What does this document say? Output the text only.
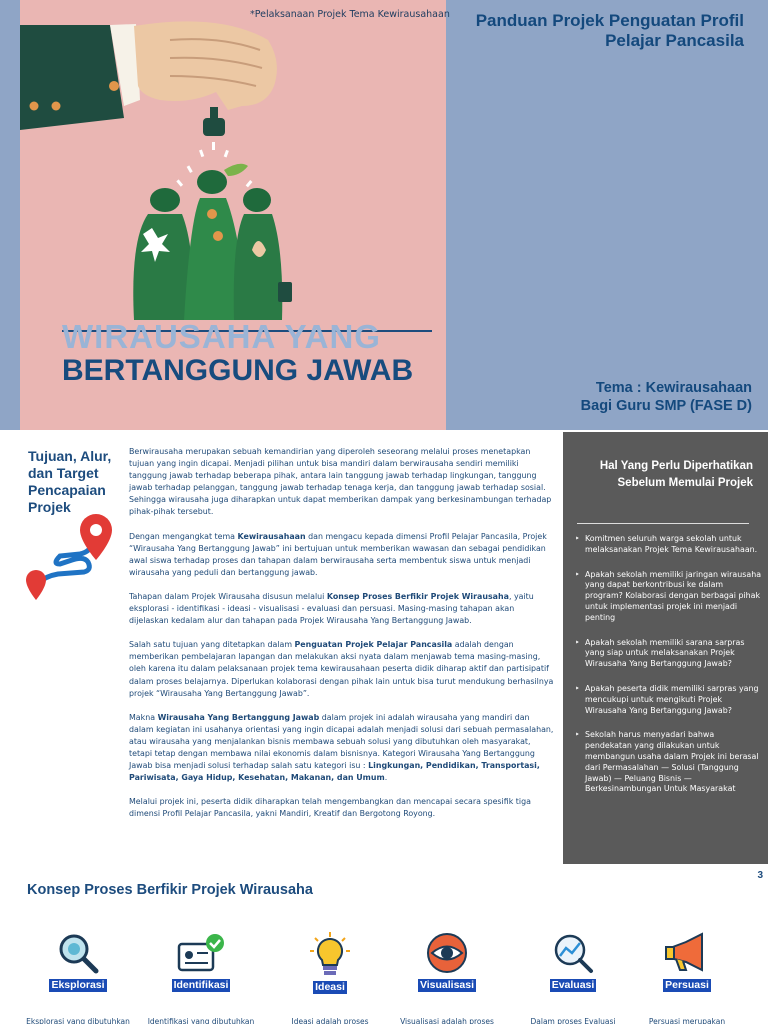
*Pelaksanaan Projek Tema Kewirausahaan
WIRAUSAHA YANG
BERTANGGUNG JAWAB
Panduan Projek Penguatan Profil Pelajar Pancasila
Tema : Kewirausahaan
Bagi Guru SMP (FASE D)
Tujuan, Alur, dan Target Pencapaian Projek

Berwirausaha merupakan sebuah kemandirian yang diperoleh seseorang melalui proses menetapkan tujuan yang ingin dicapai. Menjadi pilihan untuk bisa mandiri dalam berwirausaha sendiri memiliki tanggung jawab terhadap beberapa pihak, antara lain tanggung jawab terhadap lingkungan, tanggung jawab terhadap pelanggan, tanggung jawab terhadap tenaga kerja, dan tanggung jawab terhadap sosial. Sehingga wirausaha juga diharapkan untuk dapat memberikan dampak yang berkesinambungan terhadap pihak-pihak tersebut.

Dengan mengangkat tema Kewirausahaan dan mengacu kepada dimensi Profil Pelajar Pancasila, Projek “Wirausaha Yang Bertanggung Jawab” ini bertujuan untuk memberikan wawasan dan sebagai pendidikan awal siswa terhadap proses dan tahapan dalam berwirausaha serta membentuk siswa untuk menjadi wirausaha yang peduli dan bertanggung jawab.

Tahapan dalam Projek Wirausaha disusun melalui Konsep Proses Berfikir Projek Wirausaha, yaitu eksplorasi - identifikasi - ideasi - visualisasi - evaluasi dan persuasi. Masing-masing tahapan akan dijelaskan kedalam alur dan tahapan pada Projek Wirausaha Yang Bertanggung Jawab.

Salah satu tujuan yang ditetapkan dalam Penguatan Projek Pelajar Pancasila adalah dengan memberikan pembelajaran lapangan dan melakukan aksi nyata dalam menjawab tema masing-masing, oleh karena itu dalam pelaksanaan projek tema kewirausahaan peserta didik diharap aktif dan partisipatif dalam proses belajarnya. Diperlukan kolaborasi dengan pihak lain untuk bisa turut mendukung berhasilnya projek “Wirausaha Yang Bertanggung Jawab”.

Makna Wirausaha Yang Bertanggung Jawab dalam projek ini adalah wirausaha yang mandiri dan dalam kegiatan ini usahanya orientasi yang ingin dicapai adalah menjadi solusi dari sebuah permasalahan, atau wirausaha yang menjalankan bisnis membawa sebuah solusi yang dibutuhkan oleh masyarakat, tetapi tetap dengan membawa nilai ekonomis dalam bisnisnya. Kategori Wirausaha Yang Bertanggung Jawab bisa menjadi solusi terhadap salah satu kategori isu : Lingkungan, Pendidikan, Transportasi, Pariwisata, Gaya Hidup, Kesehatan, Makanan, dan Umum.

Melalui projek ini, peserta didik diharapkan telah mengembangkan dan mencapai secara spesifik tiga dimensi Profil Pelajar Pancasila, yakni Mandiri, Kreatif dan Bergotong Royong.

Hal Yang Perlu Diperhatikan Sebelum Memulai Projek
‣ Komitmen seluruh warga sekolah untuk melaksanakan Projek Tema Kewirausahaan.
‣ Apakah sekolah memiliki jaringan wirausaha yang dapat berkontribusi ke dalam program? Kolaborasi dengan berbagai pihak untuk implementasi projek ini menjadi penting
‣ Apakah sekolah memiliki sarana sarpras yang siap untuk melaksanakan Projek Wirausaha Yang Bertanggung Jawab?
‣ Apakah peserta didik memiliki sarpras yang mencukupi untuk mengikuti Projek Wirausaha Yang Bertanggung Jawab?
‣ Sekolah harus menyadari bahwa pendekatan yang dilakukan untuk membangun usaha dalam Projek ini berasal dari Permasalahan — Solusi (Tanggung Jawab) — Peluang Bisnis — Berkesinambungan Untuk Masyarakat
3
Konsep Proses Berfikir Projek Wirausaha
Eksplorasi	Identifikasi	Ideasi	Visualisasi	Evaluasi	Persuasi
Eksplorasi yang dibutuhkan	Identifikasi yang dibutuhkan	Ideasi adalah proses	Visualisasi adalah proses	Dalam proses Evaluasi	Persuasi merupakan
